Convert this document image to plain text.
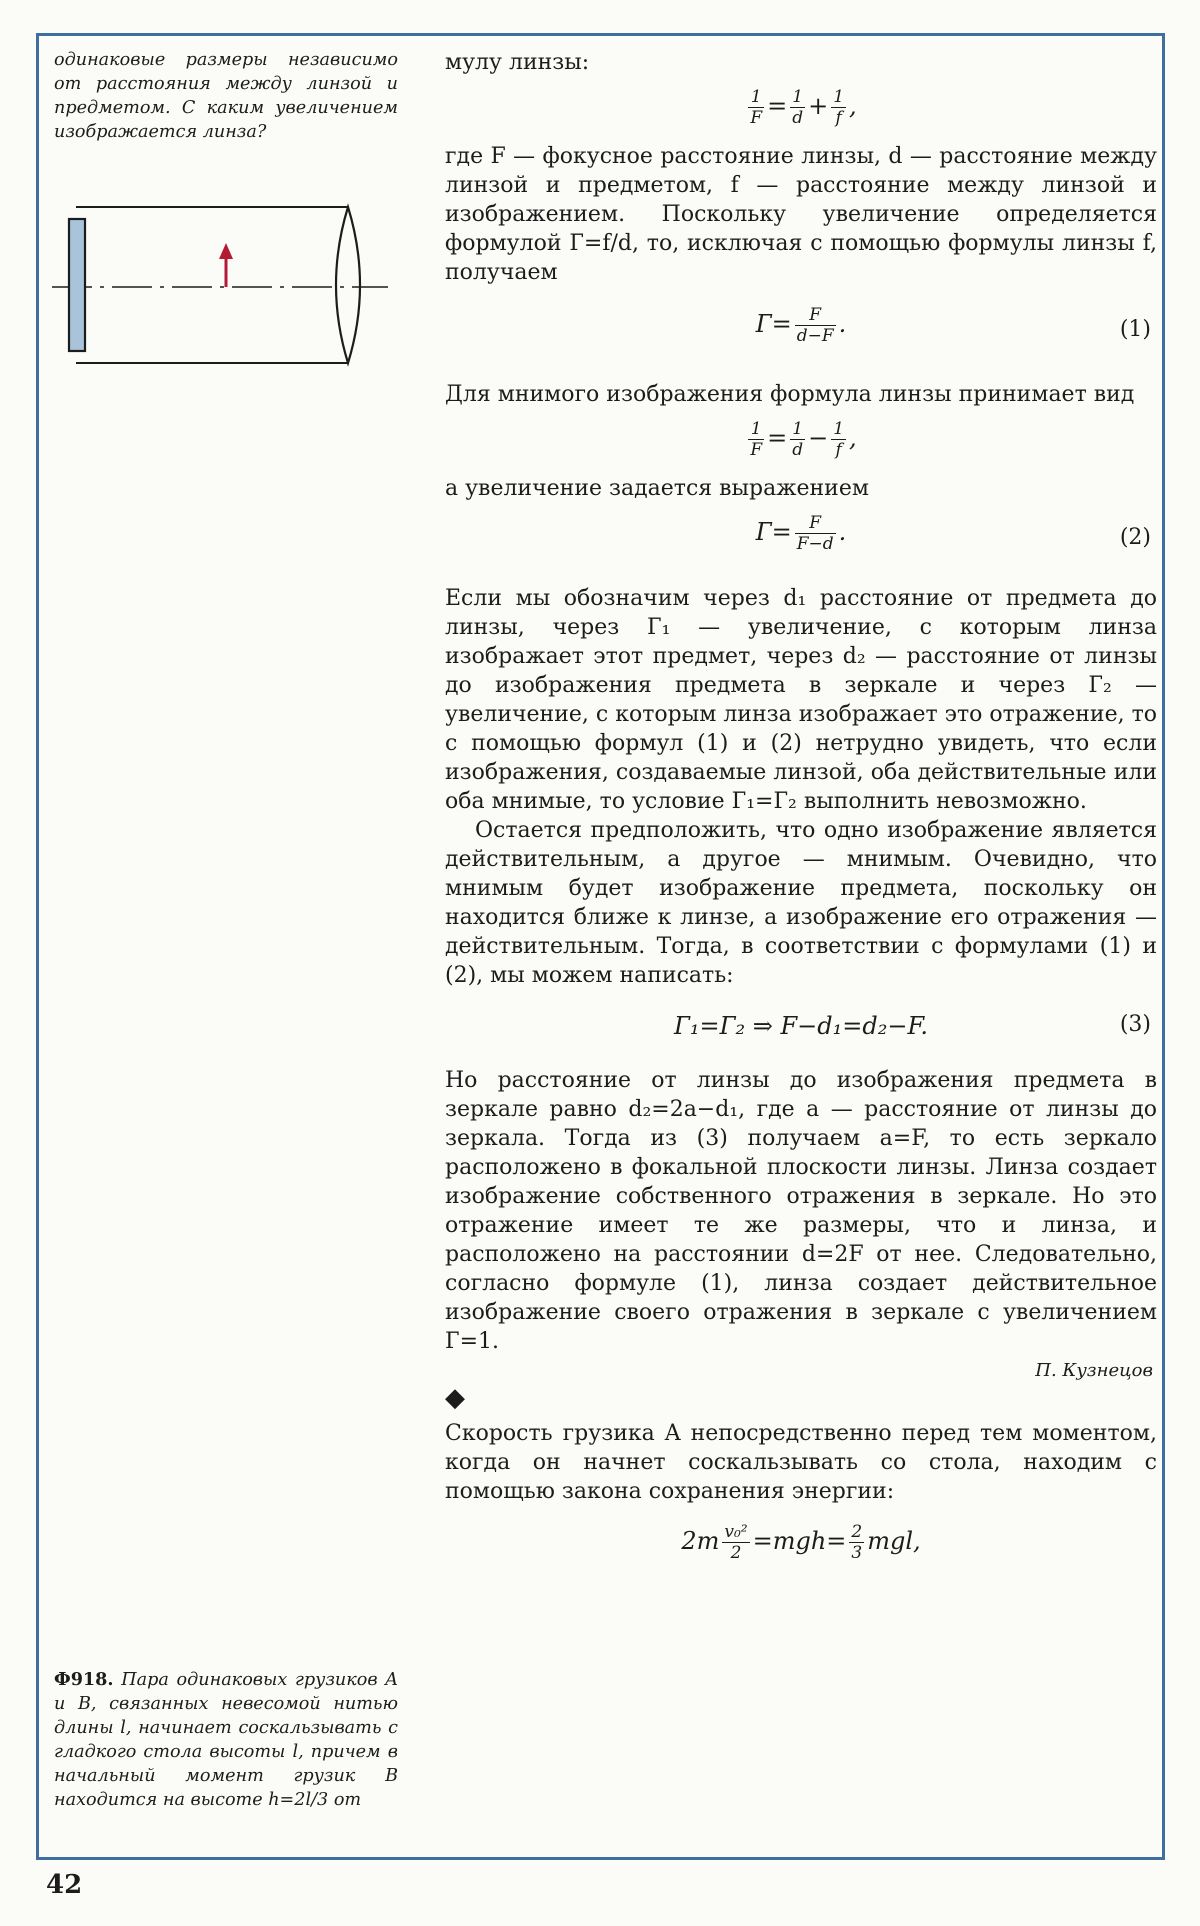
одинаковые размеры независимо от расстояния между линзой и предметом. С каким увеличением изображается линза?

Ф918. Пара одинаковых грузиков A и B, связанных невесомой нитью длины l, начинает соскальзывать с гладкого стола высоты l, причем в начальный момент грузик B находится на высоте h=2l/3 от

мулу линзы:

$\frac{1}{F} = \frac{1}{d} + \frac{1}{f}$ ,

где F — фокусное расстояние линзы, d — расстояние между линзой и предметом, f — расстояние между линзой и изображением. Поскольку увеличение определяется формулой Г=f/d, то, исключая с помощью формулы линзы f, получаем

$Г= \frac{F}{d-F}$ .	(1)

Для мнимого изображения формула линзы принимает вид

$\frac{1}{F} = \frac{1}{d} - \frac{1}{f}$ ,

а увеличение задается выражением

$Г= \frac{F}{F-d}$ .	(2)

Если мы обозначим через d₁ расстояние от предмета до линзы, через Г₁ — увеличение, с которым линза изображает этот предмет, через d₂ — расстояние от линзы до изображения предмета в зеркале и через Г₂ — увеличение, с которым линза изображает это отражение, то с помощью формул (1) и (2) нетрудно увидеть, что если изображения, создаваемые линзой, оба действительные или оба мнимые, то условие Г₁=Г₂ выполнить невозможно.

Остается предположить, что одно изображение является действительным, а другое — мнимым. Очевидно, что мнимым будет изображение предмета, поскольку он находится ближе к линзе, а изображение его отражения — действительным. Тогда, в соответствии с формулами (1) и (2), мы можем написать:

Г₁=Г₂ ⇒ F−d₁=d₂−F.	(3)

Но расстояние от линзы до изображения предмета в зеркале равно d₂=2a−d₁, где a — расстояние от линзы до зеркала. Тогда из (3) получаем a=F, то есть зеркало расположено в фокальной плоскости линзы. Линза создает изображение собственного отражения в зеркале. Но это отражение имеет те же размеры, что и линза, и расположено на расстоянии d=2F от нее. Следовательно, согласно формуле (1), линза создает действительное изображение своего отражения в зеркале с увеличением Г=1.

П. Кузнецов

◆

Скорость грузика A непосредственно перед тем моментом, когда он начнет соскальзывать со стола, находим с помощью закона сохранения энергии:

$2m \frac{\text{v₀²}}{2} =mgh= \frac{2}{3}$ mgl,

42
